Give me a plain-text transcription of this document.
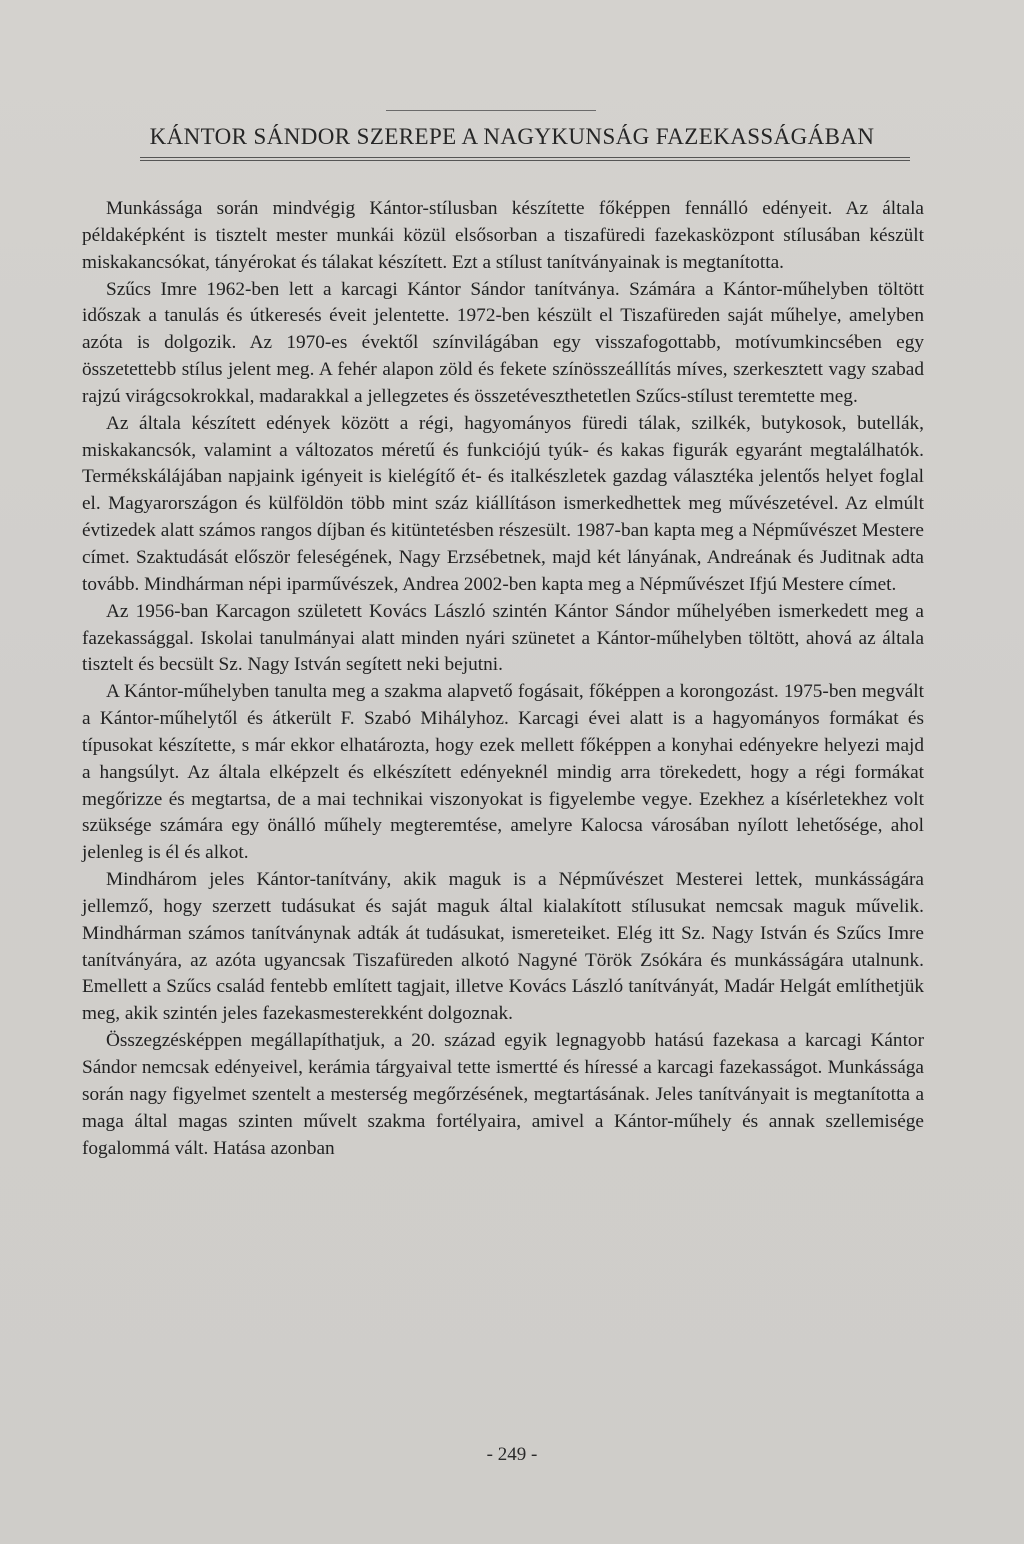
KÁNTOR SÁNDOR SZEREPE A NAGYKUNSÁG FAZEKASSÁGÁBAN

Munkássága során mindvégig Kántor-stílusban készítette főképpen fennálló edényeit. Az általa példaképként is tisztelt mester munkái közül elsősorban a tiszafüredi fazekasközpont stílusában készült miskakancsókat, tányérokat és tálakat készített. Ezt a stílust tanítványainak is megtanította.

Szűcs Imre 1962-ben lett a karcagi Kántor Sándor tanítványa. Számára a Kántor-műhelyben töltött időszak a tanulás és útkeresés éveit jelentette. 1972-ben készült el Tiszafüreden saját műhelye, amelyben azóta is dolgozik. Az 1970-es évektől színvilágában egy visszafogottabb, motívumkincsében egy összetettebb stílus jelent meg. A fehér alapon zöld és fekete színösszeállítás míves, szerkesztett vagy szabad rajzú virágcsokrokkal, madarakkal a jellegzetes és összetéveszthetetlen Szűcs-stílust teremtette meg.

Az általa készített edények között a régi, hagyományos füredi tálak, szilkék, butykosok, butellák, miskakancsók, valamint a változatos méretű és funkciójú tyúk- és kakas figurák egyaránt megtalálhatók. Termékskálájában napjaink igényeit is kielégítő ét- és italkészletek gazdag választéka jelentős helyet foglal el. Magyarországon és külföldön több mint száz kiállításon ismerkedhettek meg művészetével. Az elmúlt évtizedek alatt számos rangos díjban és kitüntetésben részesült. 1987-ban kapta meg a Népművészet Mestere címet. Szaktudását először feleségének, Nagy Erzsébetnek, majd két lányának, Andreának és Juditnak adta tovább. Mindhárman népi iparművészek, Andrea 2002-ben kapta meg a Népművészet Ifjú Mestere címet.

Az 1956-ban Karcagon született Kovács László szintén Kántor Sándor műhelyében ismerkedett meg a fazekassággal. Iskolai tanulmányai alatt minden nyári szünetet a Kántor-műhelyben töltött, ahová az általa tisztelt és becsült Sz. Nagy István segített neki bejutni.

A Kántor-műhelyben tanulta meg a szakma alapvető fogásait, főképpen a korongozást. 1975-ben megvált a Kántor-műhelytől és átkerült F. Szabó Mihályhoz. Karcagi évei alatt is a hagyományos formákat és típusokat készítette, s már ekkor elhatározta, hogy ezek mellett főképpen a konyhai edényekre helyezi majd a hangsúlyt. Az általa elképzelt és elkészített edényeknél mindig arra törekedett, hogy a régi formákat megőrizze és megtartsa, de a mai technikai viszonyokat is figyelembe vegye. Ezekhez a kísérletekhez volt szüksége számára egy önálló műhely megteremtése, amelyre Kalocsa városában nyílott lehetősége, ahol jelenleg is él és alkot.

Mindhárom jeles Kántor-tanítvány, akik maguk is a Népművészet Mesterei lettek, munkásságára jellemző, hogy szerzett tudásukat és saját maguk által kialakított stílusukat nemcsak maguk művelik. Mindhárman számos tanítványnak adták át tudásukat, ismereteiket. Elég itt Sz. Nagy István és Szűcs Imre tanítványára, az azóta ugyancsak Tiszafüreden alkotó Nagyné Török Zsókára és munkásságára utalnunk. Emellett a Szűcs család fentebb említett tagjait, illetve Kovács László tanítványát, Madár Helgát említhetjük meg, akik szintén jeles fazekasmesterekként dolgoznak.

Összegzésképpen megállapíthatjuk, a 20. század egyik legnagyobb hatású fazekasa a karcagi Kántor Sándor nemcsak edényeivel, kerámia tárgyaival tette ismertté és híressé a karcagi fazekasságot. Munkássága során nagy figyelmet szentelt a mesterség megőrzésének, megtartásának. Jeles tanítványait is megtanította a maga által magas szinten művelt szakma fortélyaira, amivel a Kántor-műhely és annak szellemisége fogalommá vált. Hatása azonban

- 249 -
